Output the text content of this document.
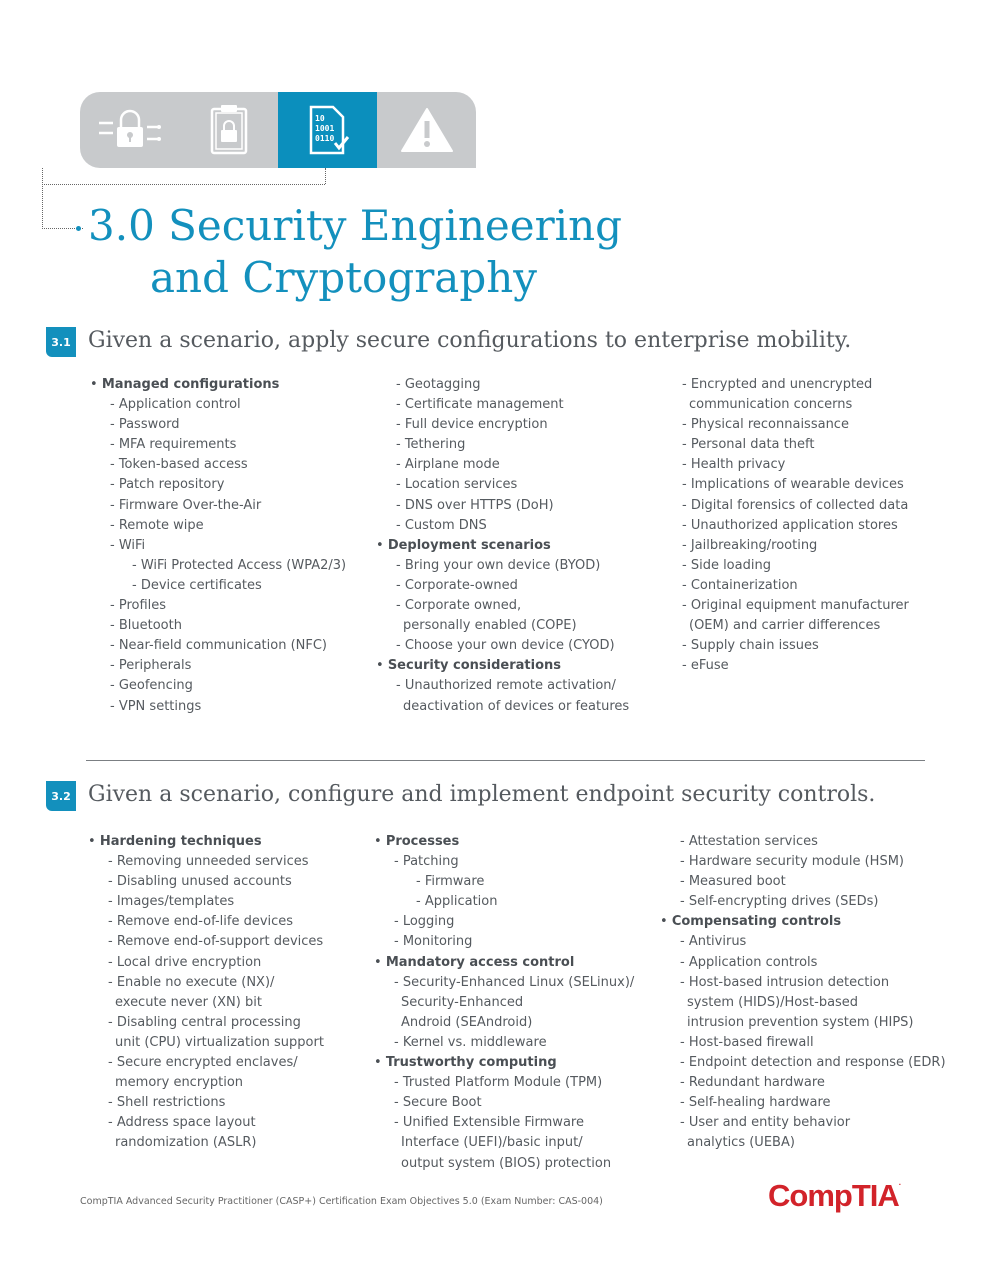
10
1001
0110
3.0 Security Engineering
and Cryptography
3.1 Given a scenario, apply secure configurations to enterprise mobility.
• Managed configurations
- Application control
- Password
- MFA requirements
- Token-based access
- Patch repository
- Firmware Over-the-Air
- Remote wipe
- WiFi
- WiFi Protected Access (WPA2/3)
- Device certificates
- Profiles
- Bluetooth
- Near-field communication (NFC)
- Peripherals
- Geofencing
- VPN settings
- Geotagging
- Certificate management
- Full device encryption
- Tethering
- Airplane mode
- Location services
- DNS over HTTPS (DoH)
- Custom DNS
• Deployment scenarios
- Bring your own device (BYOD)
- Corporate-owned
- Corporate owned,
personally enabled (COPE)
- Choose your own device (CYOD)
• Security considerations
- Unauthorized remote activation/
deactivation of devices or features
- Encrypted and unencrypted
communication concerns
- Physical reconnaissance
- Personal data theft
- Health privacy
- Implications of wearable devices
- Digital forensics of collected data
- Unauthorized application stores
- Jailbreaking/rooting
- Side loading
- Containerization
- Original equipment manufacturer
(OEM) and carrier differences
- Supply chain issues
- eFuse
3.2 Given a scenario, configure and implement endpoint security controls.
• Hardening techniques
- Removing unneeded services
- Disabling unused accounts
- Images/templates
- Remove end-of-life devices
- Remove end-of-support devices
- Local drive encryption
- Enable no execute (NX)/
execute never (XN) bit
- Disabling central processing
unit (CPU) virtualization support
- Secure encrypted enclaves/
memory encryption
- Shell restrictions
- Address space layout
randomization (ASLR)
• Processes
- Patching
- Firmware
- Application
- Logging
- Monitoring
• Mandatory access control
- Security-Enhanced Linux (SELinux)/
Security-Enhanced
Android (SEAndroid)
- Kernel vs. middleware
• Trustworthy computing
- Trusted Platform Module (TPM)
- Secure Boot
- Unified Extensible Firmware
Interface (UEFI)/basic input/
output system (BIOS) protection
- Attestation services
- Hardware security module (HSM)
- Measured boot
- Self-encrypting drives (SEDs)
• Compensating controls
- Antivirus
- Application controls
- Host-based intrusion detection
system (HIDS)/Host-based
intrusion prevention system (HIPS)
- Host-based firewall
- Endpoint detection and response (EDR)
- Redundant hardware
- Self-healing hardware
- User and entity behavior
analytics (UEBA)
CompTIA Advanced Security Practitioner (CASP+) Certification Exam Objectives 5.0 (Exam Number: CAS-004)	CompTIA.
